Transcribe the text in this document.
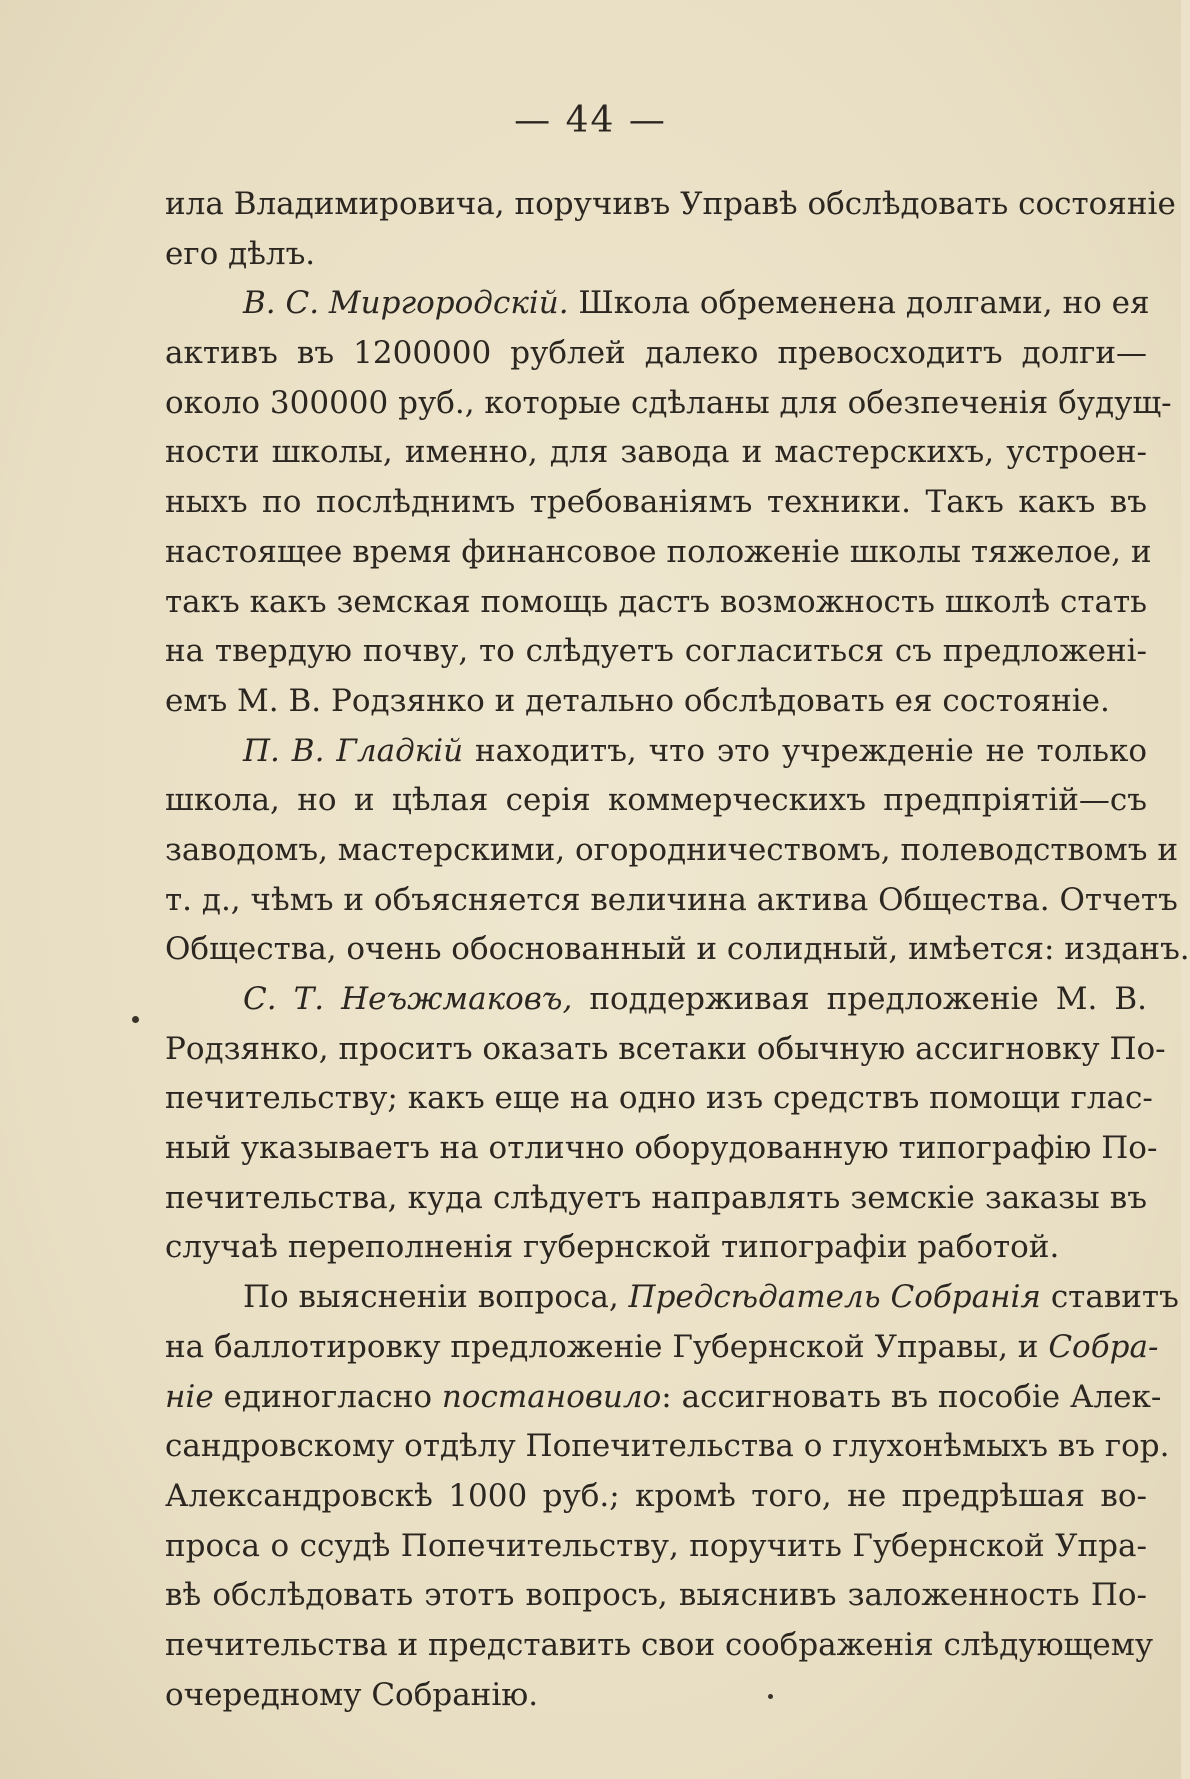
— 44 —
ила Владимировича, поручивъ Управѣ обслѣдовать состоянiе
его дѣлъ.
В. С. Миргородскiй. Школа обременена долгами, но ея
активъ въ 1200000 рублей далеко превосходитъ долги—
около 300000 руб., которые сдѣланы для обезпеченiя будущ-
ности школы, именно, для завода и мастерскихъ, устроен-
ныхъ по послѣднимъ требованiямъ техники. Такъ какъ въ
настоящее время финансовое положенiе школы тяжелое, и
такъ какъ земская помощь дастъ возможность школѣ стать
на твердую почву, то слѣдуетъ согласиться съ предложенi-
емъ М. В. Родзянко и детально обслѣдовать ея состоянiе.
П. В. Гладкiй находитъ, что это учрежденiе не только
школа, но и цѣлая серiя коммерческихъ предпрiятiй—съ
заводомъ, мастерскими, огородничествомъ, полеводствомъ и
т. д., чѣмъ и объясняется величина актива Общества. Отчетъ
Общества, очень обоснованный и солидный, имѣется: изданъ.
С. Т. Неъжмаковъ, поддерживая предложенiе М. В.
Родзянко, проситъ оказать всетаки обычную ассигновку По-
печительству; какъ еще на одно изъ средствъ помощи глас-
ный указываетъ на отлично оборудованную типографiю По-
печительства, куда слѣдуетъ направлять земскiе заказы въ
случаѣ переполненiя губернской типографiи работой.
По выясненiи вопроса, Предсѣдатель Собранiя ставитъ
на баллотировку предложенiе Губернской Управы, и Собра-
нiе единогласно постановило: ассигновать въ пособiе Алек-
сандровскому отдѣлу Попечительства о глухонѣмыхъ въ гор.
Александровскѣ 1000 руб.; кромѣ того, не предрѣшая во-
проса о ссудѣ Попечительству, поручить Губернской Упра-
вѣ обслѣдовать этотъ вопросъ, выяснивъ заложенность По-
печительства и представить свои соображенiя слѣдующему
очередному Собранiю.
